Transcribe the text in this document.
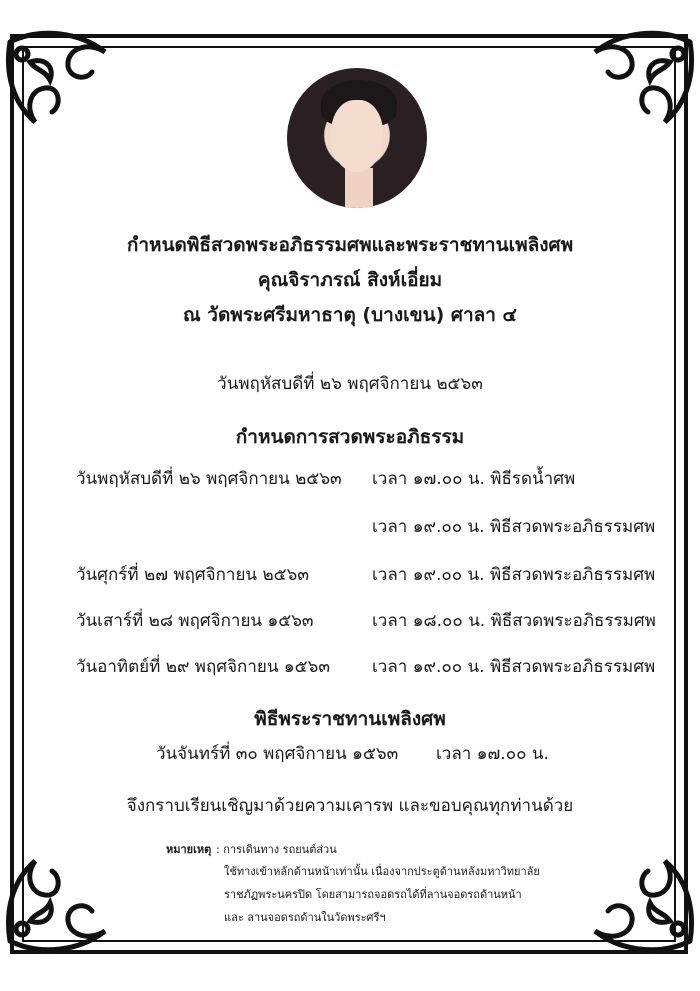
กำหนดพิธีสวดพระอภิธรรมศพและพระราชทานเพลิงศพ
คุณจิราภรณ์ สิงห์เอี่ยม
ณ วัดพระศรีมหาธาตุ (บางเขน) ศาลา ๔
วันพฤหัสบดีที่ ๒๖ พฤศจิกายน ๒๕๖๓
กำหนดการสวดพระอภิธรรม
วันพฤหัสบดีที่ ๒๖ พฤศจิกายน ๒๕๖๓ เวลา ๑๗.๐๐ น. พิธีรดน้ำศพ
เวลา ๑๙.๐๐ น. พิธีสวดพระอภิธรรมศพ
วันศุกร์ที่ ๒๗ พฤศจิกายน ๒๕๖๓	เวลา ๑๙.๐๐ น. พิธีสวดพระอภิธรรมศพ
วันเสาร์ที่ ๒๘ พฤศจิกายน ๑๕๖๓	เวลา ๑๘.๐๐ น. พิธีสวดพระอภิธรรมศพ
วันอาทิตย์ที่ ๒๙ พฤศจิกายน ๑๕๖๓ เวลา ๑๙.๐๐ น. พิธีสวดพระอภิธรรมศพ
พิธีพระราชทานเพลิงศพ
วันจันทร์ที่ ๓๐ พฤศจิกายน ๑๕๖๓ เวลา ๑๗.๐๐ น.
จึงกราบเรียนเชิญมาด้วยความเคารพ และขอบคุณทุกท่านด้วย
หมายเหตุ : การเดินทาง รถยนต์ส่วน
ใช้ทางเข้าหลักด้านหน้าเท่านั้น เนื่องจากประตูด้านหลังมหาวิทยาลัย
ราชภัฏพระนครปิด โดยสามารถจอดรถได้ที่ลานจอดรถด้านหน้า
และ ลานจอดรถด้านในวัดพระศรีฯ
